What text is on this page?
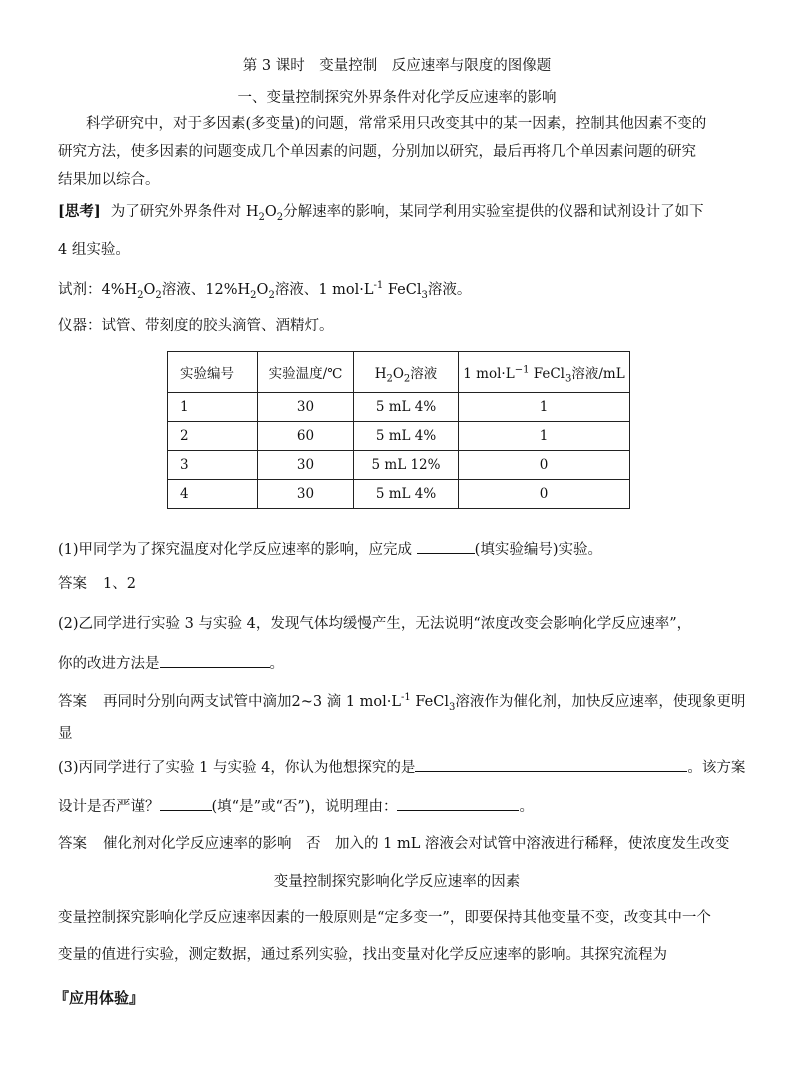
第 3 课时　变量控制　反应速率与限度的图像题
一、变量控制探究外界条件对化学反应速率的影响
科学研究中，对于多因素(多变量)的问题，常常采用只改变其中的某一因素，控制其他因素不变的
研究方法，使多因素的问题变成几个单因素的问题，分别加以研究，最后再将几个单因素问题的研究
结果加以综合。
[思考] 为了研究外界条件对 $H_2O_2$分解速率的影响，某同学利用实验室提供的仪器和试剂设计了如下
4 组实验。
试剂：$4\%H_2O_2$溶液、$12\%H_2O_2$溶液、1 $mol\cdot L^{-1}$ FeCl$_3$溶液。
仪器：试管、带刻度的胶头滴管、酒精灯。
实验编号	实验温度/℃	$H_2O_2$溶液	1 $mol\cdot L^{-1}$ FeCl$_3$溶液/mL
1	30	5 mL 4%	1
2	60	5 mL 4%	1
3	30	5 mL 12%	0
4	30	5 mL 4%	0
(1)甲同学为了探究温度对化学反应速率的影响，应完成	(填实验编号)实验。
答案 1、2
(2)乙同学进行实验 3 与实验 4，发现气体均缓慢产生，无法说明“浓度改变会影响化学反应速率”，
你的改进方法是	。
答案 再同时分别向两支试管中滴加2~3 滴 1 $mol\cdot L^{-1}$ FeCl$_3$溶液作为催化剂，加快反应速率，使现象更明
显
(3)丙同学进行了实验 1 与实验 4，你认为他想探究的是	。该方案
设计是否严谨？	(填“是”或“否”)，说明理由：	。
答案 催化剂对化学反应速率的影响　否　加入的 1 mL 溶液会对试管中溶液进行稀释，使浓度发生改变
变量控制探究影响化学反应速率的因素
变量控制探究影响化学反应速率因素的一般原则是“定多变一”，即要保持其他变量不变，改变其中一个
变量的值进行实验，测定数据，通过系列实验，找出变量对化学反应速率的影响。其探究流程为
『应用体验』
